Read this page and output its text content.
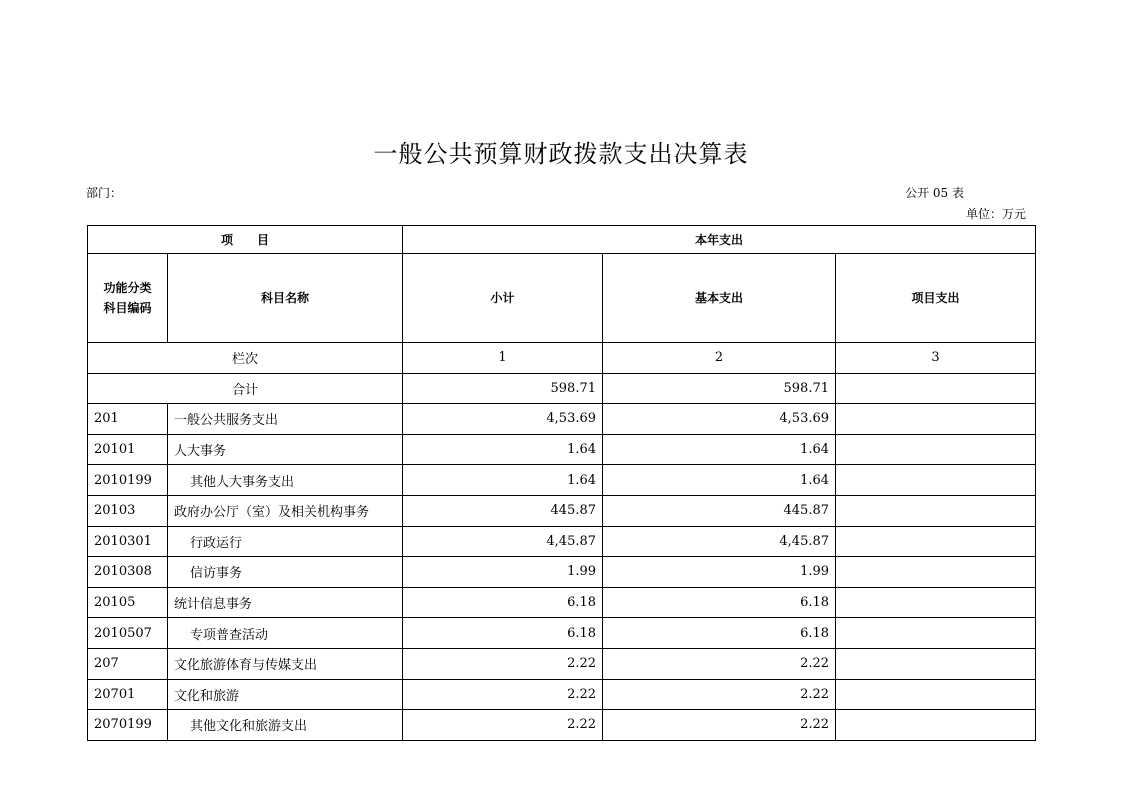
一般公共预算财政拨款支出决算表
部门：	公开 05 表
单位：万元
项　　目		本年支出		

功能分类
科目编码	科目名称	小计	基本支出	项目支出
栏次		1	2	3
合计		598.71	598.71	
201	一般公共服务支出	4,53.69	4,53.69	
20101	人大事务	1.64	1.64	
2010199	其他人大事务支出	1.64	1.64	
20103	政府办公厅（室）及相关机构事务	445.87	445.87	
2010301	行政运行	4,45.87	4,45.87	
2010308	信访事务	1.99	1.99	
20105	统计信息事务	6.18	6.18	
2010507	专项普查活动	6.18	6.18	
207	文化旅游体育与传媒支出	2.22	2.22	
20701	文化和旅游	2.22	2.22	
2070199	其他文化和旅游支出	2.22	2.22	
